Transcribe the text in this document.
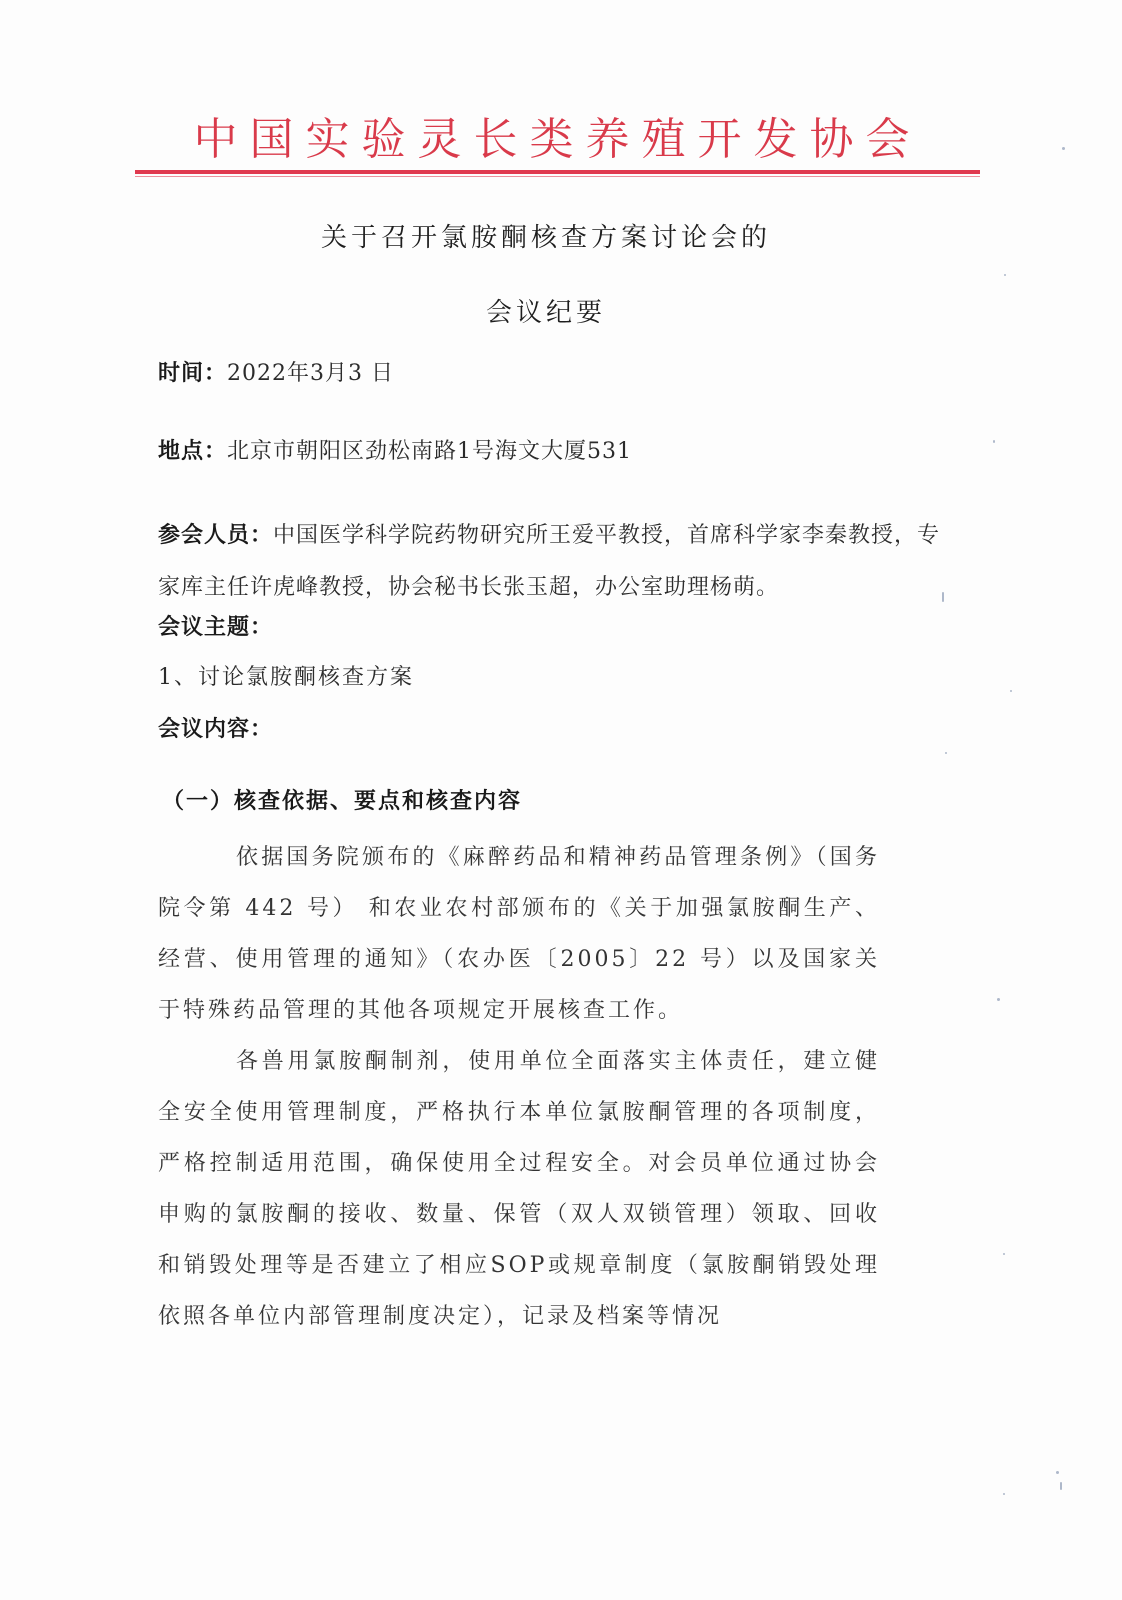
中国实验灵长类养殖开发协会
关于召开氯胺酮核查方案讨论会的
会议纪要
时间：2022年3月3 日
地点：北京市朝阳区劲松南路1号海文大厦531
参会人员：中国医学科学院药物研究所王爱平教授，首席科学家李秦教授，专家库主任许虎峰教授，协会秘书长张玉超，办公室助理杨萌。
会议主题：
1、讨论氯胺酮核查方案
会议内容：
（一）核查依据、要点和核查内容
依据国务院颁布的《麻醉药品和精神药品管理条例》（国务院令第 442 号） 和农业农村部颁布的《关于加强氯胺酮生产、经营、使用管理的通知》（农办医〔2005〕22 号）以及国家关于特殊药品管理的其他各项规定开展核查工作。
各兽用氯胺酮制剂，使用单位全面落实主体责任，建立健全安全使用管理制度，严格执行本单位氯胺酮管理的各项制度，严格控制适用范围，确保使用全过程安全。对会员单位通过协会申购的氯胺酮的接收、数量、保管（双人双锁管理）领取、回收和销毁处理等是否建立了相应SOP或规章制度（氯胺酮销毁处理依照各单位内部管理制度决定），记录及档案等情况
